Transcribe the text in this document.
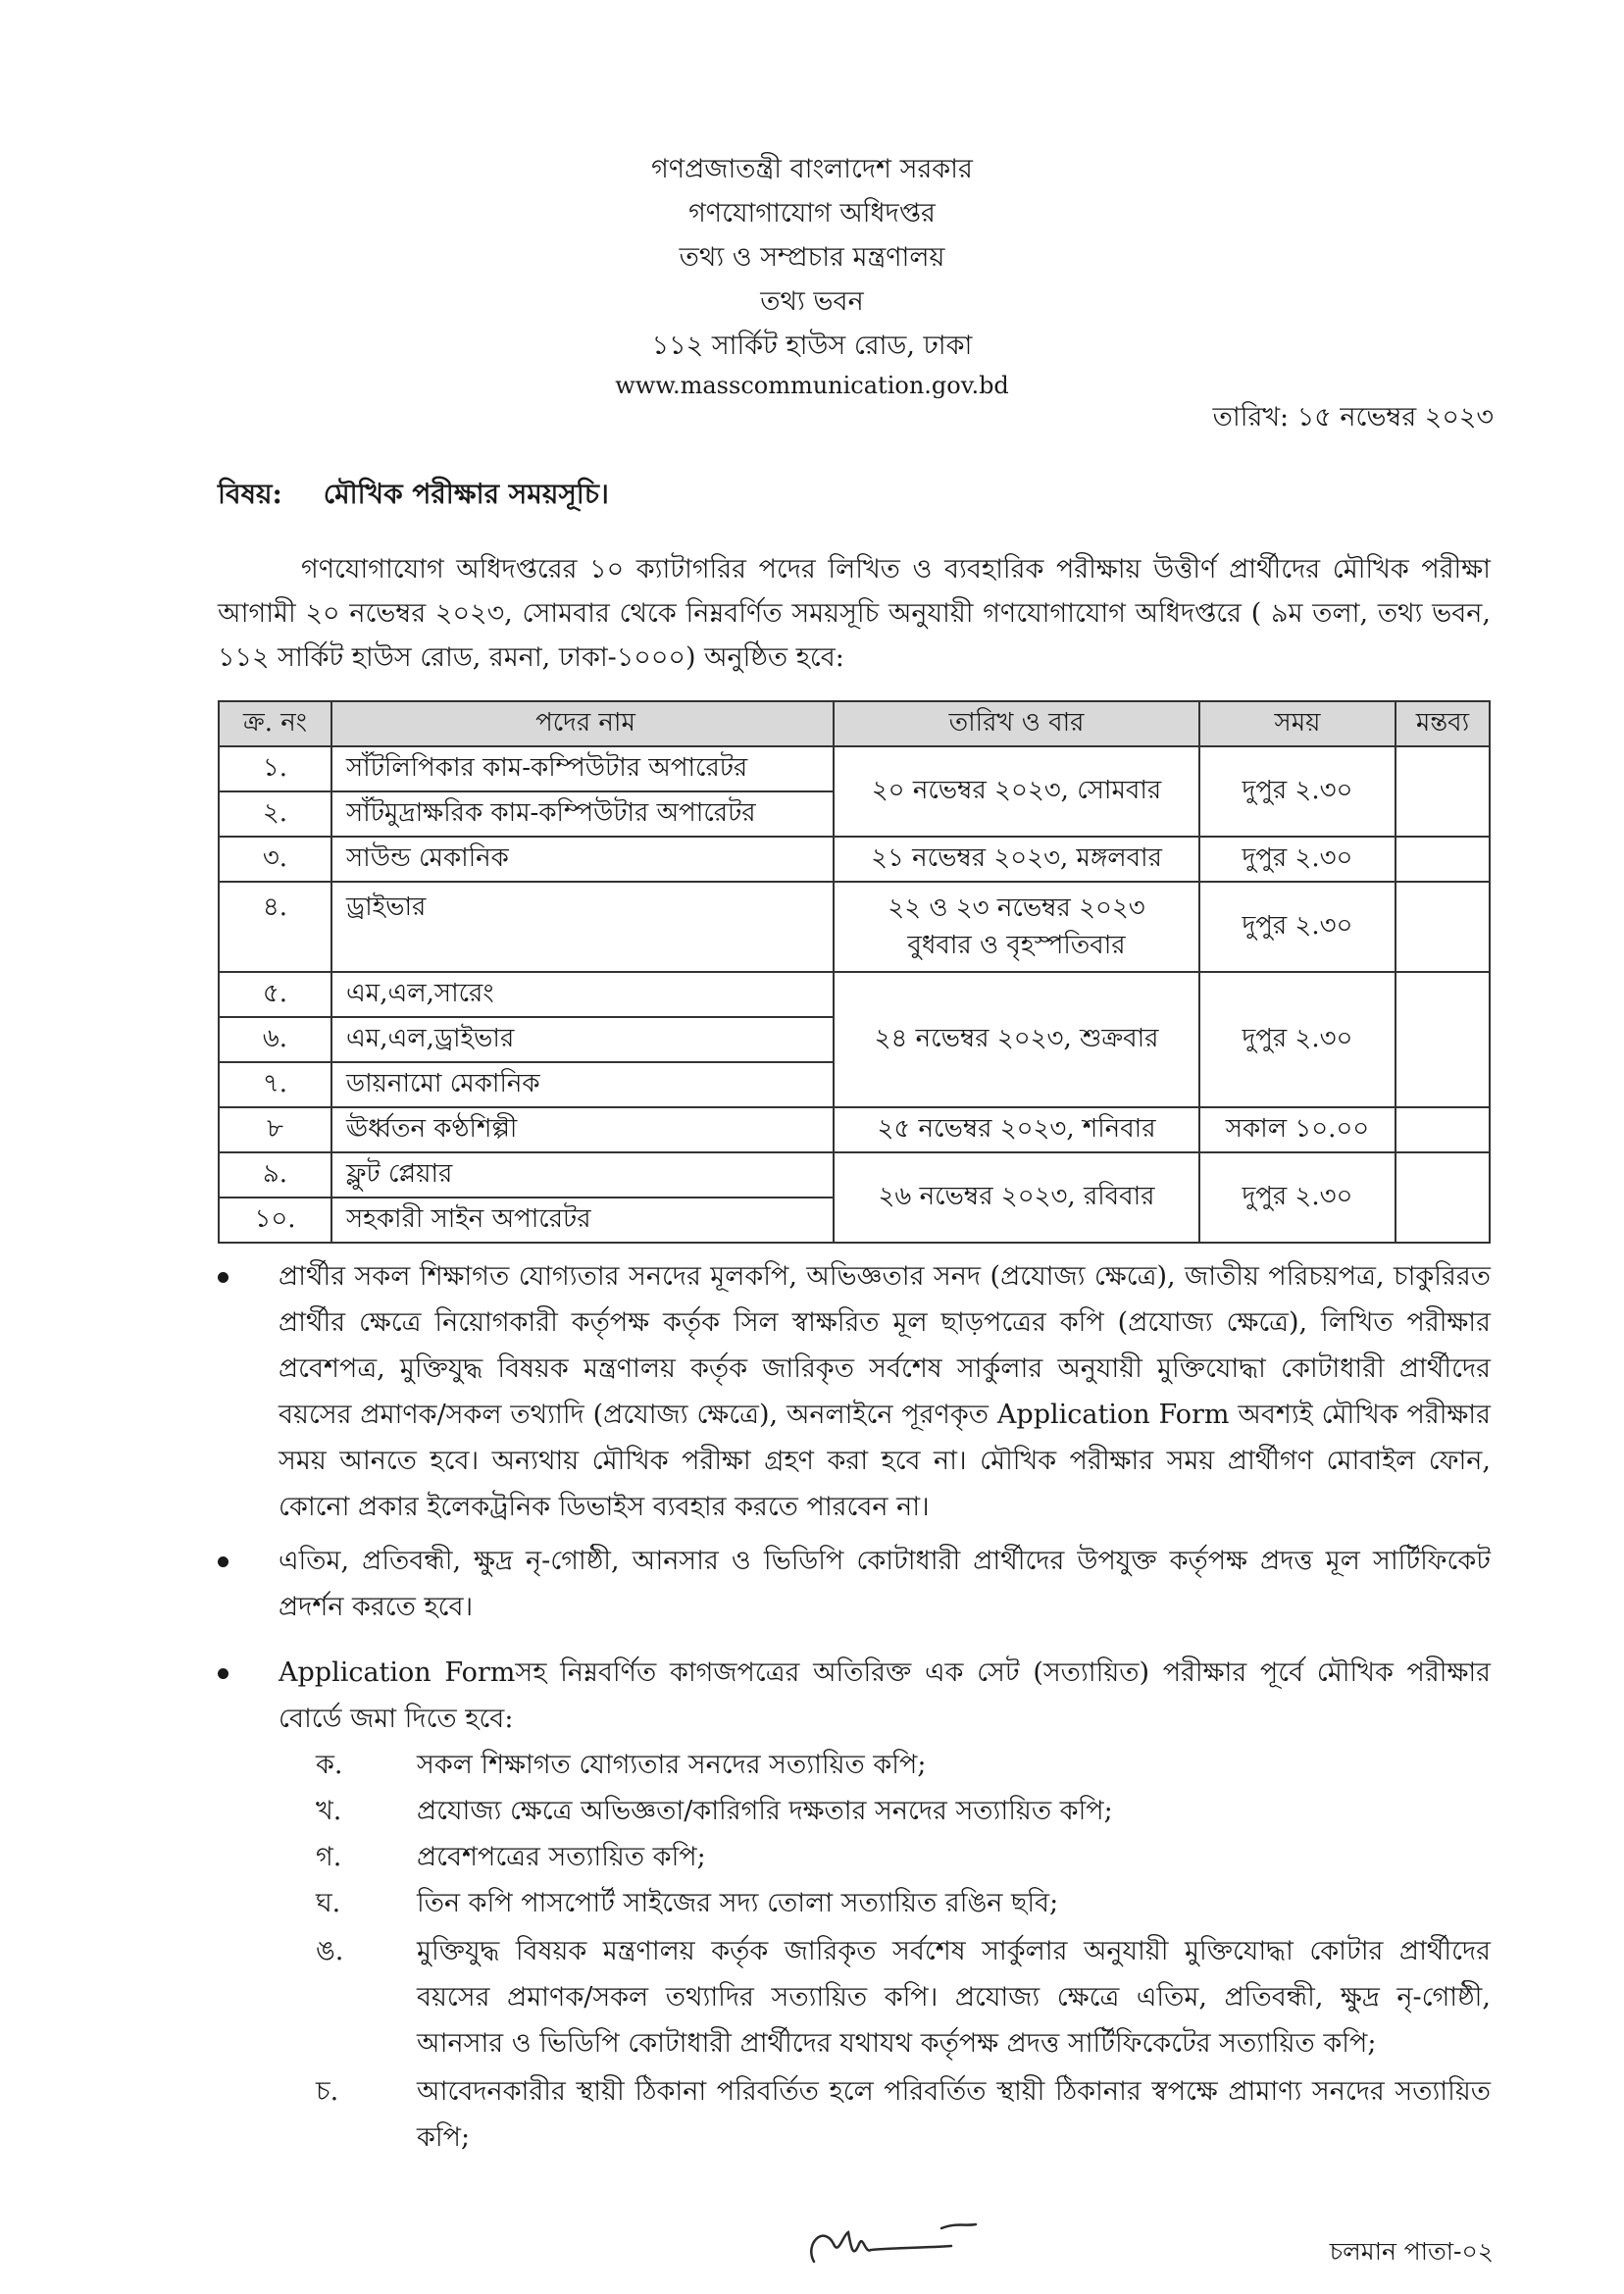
গণপ্রজাতন্ত্রী বাংলাদেশ সরকার
গণযোগাযোগ অধিদপ্তর
তথ্য ও সম্প্রচার মন্ত্রণালয়
তথ্য ভবন
১১২ সার্কিট হাউস রোড, ঢাকা
www.masscommunication.gov.bd
তারিখ: ১৫ নভেম্বর ২০২৩
বিষয়: মৌখিক পরীক্ষার সময়সূচি।
গণযোগাযোগ অধিদপ্তরের ১০ ক্যাটাগরির পদের লিখিত ও ব্যবহারিক পরীক্ষায় উত্তীর্ণ প্রার্থীদের মৌখিক পরীক্ষা আগামী ২০ নভেম্বর ২০২৩, সোমবার থেকে নিম্নবর্ণিত সময়সূচি অনুযায়ী গণযোগাযোগ অধিদপ্তরে ( ৯ম তলা, তথ্য ভবন, ১১২ সার্কিট হাউস রোড, রমনা, ঢাকা-১০০০) অনুষ্ঠিত হবে:
ক্র. নং	পদের নাম	তারিখ ও বার	সময়	মন্তব্য
১.	সাঁটলিপিকার কাম-কম্পিউটার অপারেটর	২০ নভেম্বর ২০২৩, সোমবার	দুপুর ২.৩০	
২.	সাঁটমুদ্রাক্ষরিক কাম-কম্পিউটার অপারেটর			
৩.	সাউন্ড মেকানিক	২১ নভেম্বর ২০২৩, মঙ্গলবার	দুপুর ২.৩০	
৪.	ড্রাইভার	২২ ও ২৩ নভেম্বর ২০২৩
বুধবার ও বৃহস্পতিবার	দুপুর ২.৩০	
৫.	এম,এল,সারেং	২৪ নভেম্বর ২০২৩, শুক্রবার	দুপুর ২.৩০	
৬.	এম,এল,ড্রাইভার			
৭.	ডায়নামো মেকানিক			
৮	ঊর্ধ্বতন কণ্ঠশিল্পী	২৫ নভেম্বর ২০২৩, শনিবার	সকাল ১০.০০	
৯.	ফ্লুট প্লেয়ার	২৬ নভেম্বর ২০২৩, রবিবার	দুপুর ২.৩০	
১০.	সহকারী সাইন অপারেটর			
প্রার্থীর সকল শিক্ষাগত যোগ্যতার সনদের মূলকপি, অভিজ্ঞতার সনদ (প্রযোজ্য ক্ষেত্রে), জাতীয় পরিচয়পত্র, চাকুরিরত প্রার্থীর ক্ষেত্রে নিয়োগকারী কর্তৃপক্ষ কর্তৃক সিল স্বাক্ষরিত মূল ছাড়পত্রের কপি (প্রযোজ্য ক্ষেত্রে), লিখিত পরীক্ষার প্রবেশপত্র, মুক্তিযুদ্ধ বিষয়ক মন্ত্রণালয় কর্তৃক জারিকৃত সর্বশেষ সার্কুলার অনুযায়ী মুক্তিযোদ্ধা কোটাধারী প্রার্থীদের বয়সের প্রমাণক/সকল তথ্যাদি (প্রযোজ্য ক্ষেত্রে), অনলাইনে পূরণকৃত Application Form অবশ্যই মৌখিক পরীক্ষার সময় আনতে হবে। অন্যথায় মৌখিক পরীক্ষা গ্রহণ করা হবে না। মৌখিক পরীক্ষার সময় প্রার্থীগণ মোবাইল ফোন, কোনো প্রকার ইলেকট্রনিক ডিভাইস ব্যবহার করতে পারবেন না।
এতিম, প্রতিবন্ধী, ক্ষুদ্র নৃ-গোষ্ঠী, আনসার ও ভিডিপি কোটাধারী প্রার্থীদের উপযুক্ত কর্তৃপক্ষ প্রদত্ত মূল সার্টিফিকেট প্রদর্শন করতে হবে।
Application Formসহ নিম্নবর্ণিত কাগজপত্রের অতিরিক্ত এক সেট (সত্যায়িত) পরীক্ষার পূর্বে মৌখিক পরীক্ষার বোর্ডে জমা দিতে হবে:
ক.	সকল শিক্ষাগত যোগ্যতার সনদের সত্যায়িত কপি;
খ.	প্রযোজ্য ক্ষেত্রে অভিজ্ঞতা/কারিগরি দক্ষতার সনদের সত্যায়িত কপি;
গ.	প্রবেশপত্রের সত্যায়িত কপি;
ঘ.	তিন কপি পাসপোর্ট সাইজের সদ্য তোলা সত্যায়িত রঙিন ছবি;
ঙ.	মুক্তিযুদ্ধ বিষয়ক মন্ত্রণালয় কর্তৃক জারিকৃত সর্বশেষ সার্কুলার অনুযায়ী মুক্তিযোদ্ধা কোটার প্রার্থীদের বয়সের প্রমাণক/সকল তথ্যাদির সত্যায়িত কপি। প্রযোজ্য ক্ষেত্রে এতিম, প্রতিবন্ধী, ক্ষুদ্র নৃ-গোষ্ঠী, আনসার ও ভিডিপি কোটাধারী প্রার্থীদের যথাযথ কর্তৃপক্ষ প্রদত্ত সার্টিফিকেটের সত্যায়িত কপি;
চ.	আবেদনকারীর স্থায়ী ঠিকানা পরিবর্তিত হলে পরিবর্তিত স্থায়ী ঠিকানার স্বপক্ষে প্রামাণ্য সনদের সত্যায়িত কপি;
চলমান পাতা-০২
